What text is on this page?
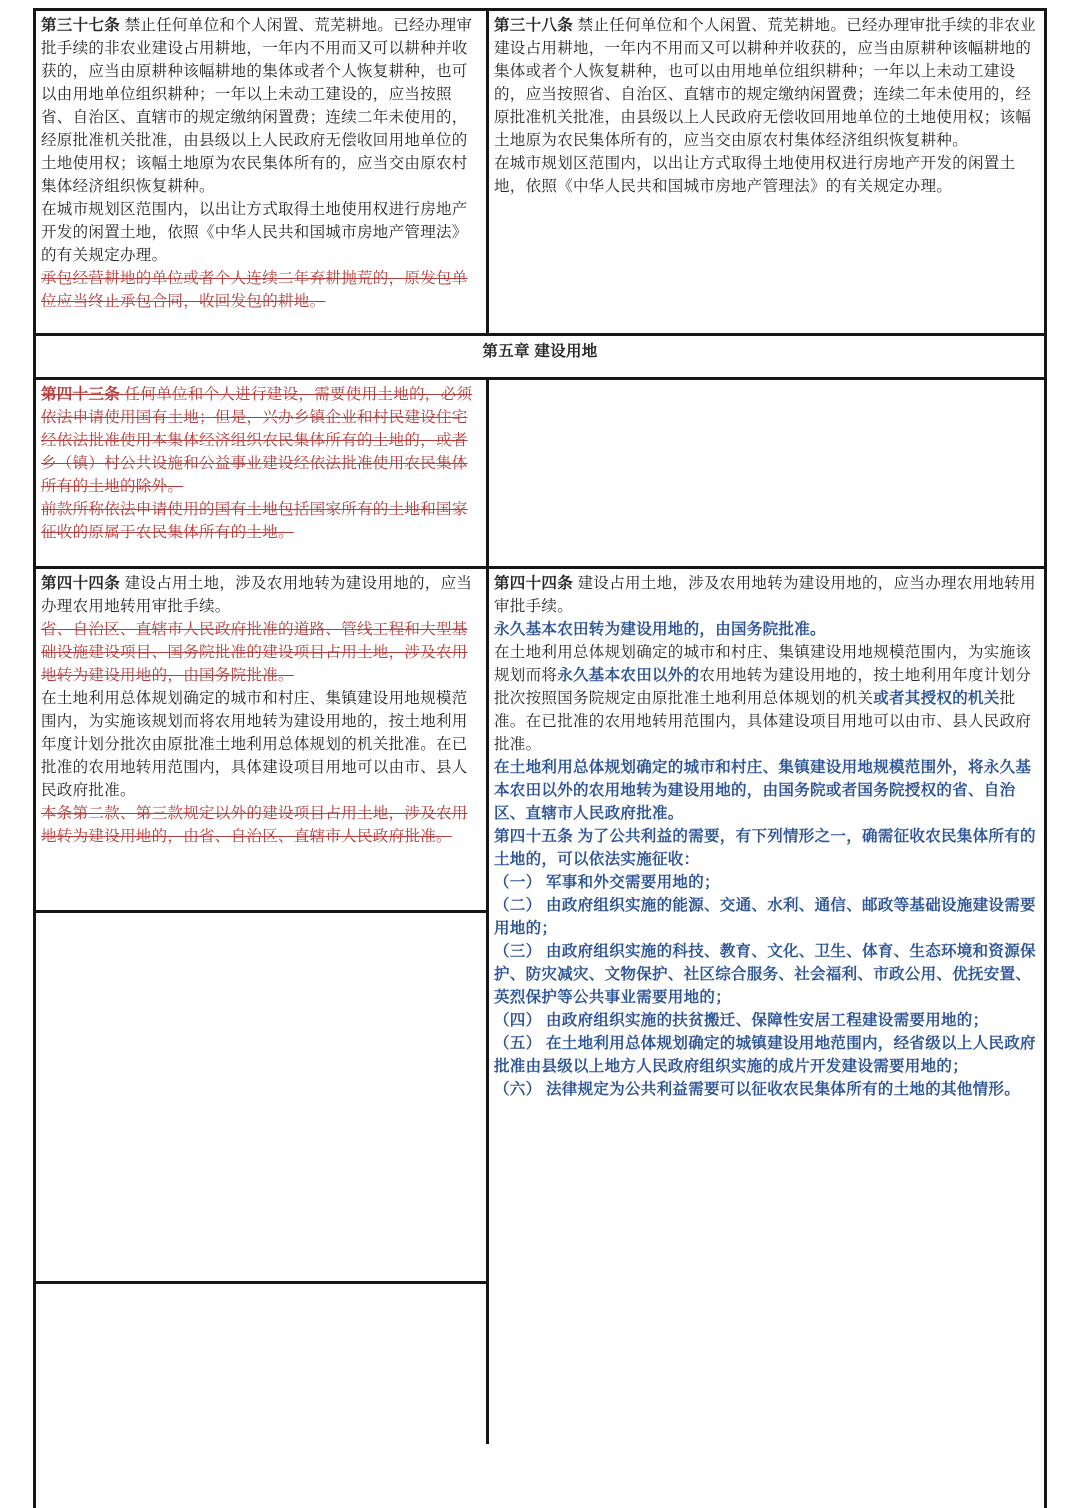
第三十七条 禁止任何单位和个人闲置、荒芜耕地。已经办理审批手续的非农业建设占用耕地，一年内不用而又可以耕种并收获的，应当由原耕种该幅耕地的集体或者个人恢复耕种，也可以由用地单位组织耕种；一年以上未动工建设的，应当按照省、自治区、直辖市的规定缴纳闲置费；连续二年未使用的，经原批准机关批准，由县级以上人民政府无偿收回用地单位的土地使用权；该幅土地原为农民集体所有的，应当交由原农村集体经济组织恢复耕种。

在城市规划区范围内，以出让方式取得土地使用权进行房地产开发的闲置土地，依照《中华人民共和国城市房地产管理法》的有关规定办理。

承包经营耕地的单位或者个人连续二年弃耕抛荒的，原发包单位应当终止承包合同，收回发包的耕地。

第三十八条 禁止任何单位和个人闲置、荒芜耕地。已经办理审批手续的非农业建设占用耕地，一年内不用而又可以耕种并收获的，应当由原耕种该幅耕地的集体或者个人恢复耕种，也可以由用地单位组织耕种；一年以上未动工建设的，应当按照省、自治区、直辖市的规定缴纳闲置费；连续二年未使用的，经原批准机关批准，由县级以上人民政府无偿收回用地单位的土地使用权；该幅土地原为农民集体所有的，应当交由原农村集体经济组织恢复耕种。

在城市规划区范围内，以出让方式取得土地使用权进行房地产开发的闲置土地，依照《中华人民共和国城市房地产管理法》的有关规定办理。

第五章 建设用地

第四十三条 任何单位和个人进行建设，需要使用土地的，必须依法申请使用国有土地；但是，兴办乡镇企业和村民建设住宅经依法批准使用本集体经济组织农民集体所有的土地的，或者乡（镇）村公共设施和公益事业建设经依法批准使用农民集体所有的土地的除外。

前款所称依法申请使用的国有土地包括国家所有的土地和国家征收的原属于农民集体所有的土地。

第四十四条 建设占用土地，涉及农用地转为建设用地的，应当办理农用地转用审批手续。

省、自治区、直辖市人民政府批准的道路、管线工程和大型基础设施建设项目、国务院批准的建设项目占用土地，涉及农用地转为建设用地的，由国务院批准。

在土地利用总体规划确定的城市和村庄、集镇建设用地规模范围内，为实施该规划而将农用地转为建设用地的，按土地利用年度计划分批次由原批准土地利用总体规划的机关批准。在已批准的农用地转用范围内，具体建设项目用地可以由市、县人民政府批准。

本条第二款、第三款规定以外的建设项目占用土地，涉及农用地转为建设用地的，由省、自治区、直辖市人民政府批准。

第四十四条 建设占用土地，涉及农用地转为建设用地的，应当办理农用地转用审批手续。

永久基本农田转为建设用地的，由国务院批准。

在土地利用总体规划确定的城市和村庄、集镇建设用地规模范围内，为实施该规划而将永久基本农田以外的农用地转为建设用地的，按土地利用年度计划分批次按照国务院规定由原批准土地利用总体规划的机关或者其授权的机关批准。在已批准的农用地转用范围内，具体建设项目用地可以由市、县人民政府批准。

在土地利用总体规划确定的城市和村庄、集镇建设用地规模范围外，将永久基本农田以外的农用地转为建设用地的，由国务院或者国务院授权的省、自治区、直辖市人民政府批准。

第四十五条 为了公共利益的需要，有下列情形之一，确需征收农民集体所有的土地的，可以依法实施征收：

（一） 军事和外交需要用地的；

（二） 由政府组织实施的能源、交通、水利、通信、邮政等基础设施建设需要用地的；

（三） 由政府组织实施的科技、教育、文化、卫生、体育、生态环境和资源保护、防灾减灾、文物保护、社区综合服务、社会福利、市政公用、优抚安置、英烈保护等公共事业需要用地的；

（四） 由政府组织实施的扶贫搬迁、保障性安居工程建设需要用地的；

（五） 在土地利用总体规划确定的城镇建设用地范围内，经省级以上人民政府批准由县级以上地方人民政府组织实施的成片开发建设需要用地的；

（六） 法律规定为公共利益需要可以征收农民集体所有的土地的其他情形。
